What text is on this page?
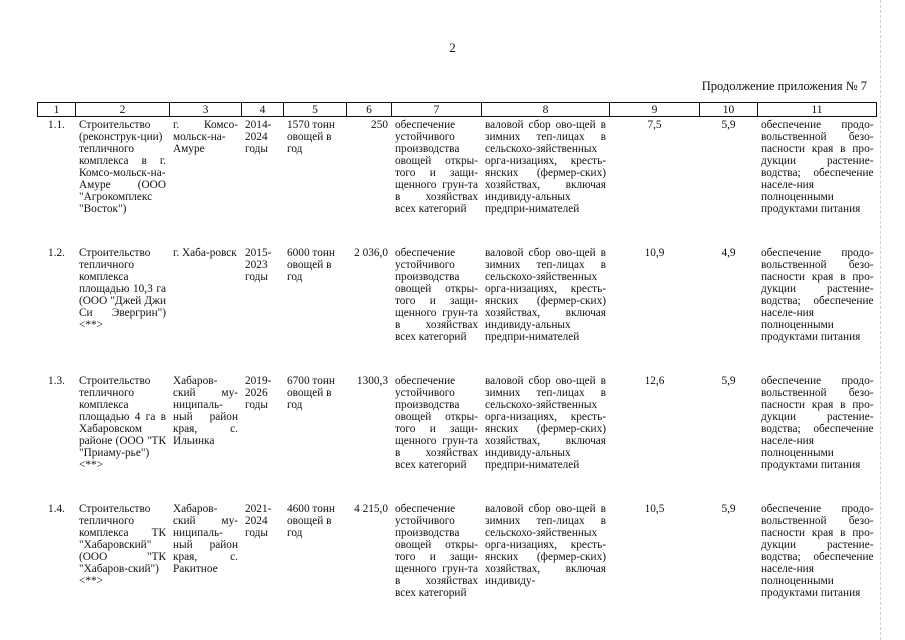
2
Продолжение приложения № 7
1	2	3	4	5	6	7	8	9	10	11
1.1.	Строительство (реконструк-ции) тепличного комплекса в г. Комсо-мольск-на-Амуре (ООО "Агрокомплекс "Восток")	г. Комсо-мольск-на-Амуре	2014-2024 годы	1570 тонн овощей в год	250	обеспечение устойчивого производства овощей откры-того и защи-щенного грун-та в хозяйствах всех категорий	валовой сбор ово-щей в зимних теп-лицах в сельскохо-зяйственных орга-низациях, кресть-янских (фермер-ских) хозяйствах, включая индивиду-альных предпри-нимателей	7,5	5,9	обеспечение продо-вольственной безо-пасности края в про-дукции растение-водства; обеспечение населе-ния полноценными продуктами питания
1.2.	Строительство тепличного комплекса площадью 10,3 га (ООО "Джей Джи Си Эвергрин") <**>	г. Хаба-ровск	2015-2023 годы	6000 тонн овощей в год	2 036,0	обеспечение устойчивого производства овощей откры-того и защи-щенного грун-та в хозяйствах всех категорий	валовой сбор ово-щей в зимних теп-лицах в сельскохо-зяйственных орга-низациях, кресть-янских (фермер-ских) хозяйствах, включая индивиду-альных предпри-нимателей	10,9	4,9	обеспечение продо-вольственной безо-пасности края в про-дукции растение-водства; обеспечение населе-ния полноценными продуктами питания
1.3.	Строительство тепличного комплекса площадью 4 га в Хабаровском районе (ООО "ТК "Приаму-рье") <**>	Хабаров-ский му-ниципаль-ный район края, с. Ильинка	2019-2026 годы	6700 тонн овощей в год	1300,3	обеспечение устойчивого производства овощей откры-того и защи-щенного грун-та в хозяйствах всех категорий	валовой сбор ово-щей в зимних теп-лицах в сельскохо-зяйственных орга-низациях, кресть-янских (фермер-ских) хозяйствах, включая индивиду-альных предпри-нимателей	12,6	5,9	обеспечение продо-вольственной безо-пасности края в про-дукции растение-водства; обеспечение населе-ния полноценными продуктами питания
1.4.	Строительство тепличного комплекса ТК "Хабаровский" (ООО "ТК "Хабаров-ский") <**>	Хабаров-ский му-ниципаль-ный район края, с. Ракитное	2021-2024 годы	4600 тонн овощей в год	4 215,0	обеспечение устойчивого производства овощей откры-того и защи-щенного грун-та в хозяйствах всех категорий	валовой сбор ово-щей в зимних теп-лицах в сельскохо-зяйственных орга-низациях, кресть-янских (фермер-ских) хозяйствах, включая индивиду-	10,5	5,9	обеспечение продо-вольственной безо-пасности края в про-дукции растение-водства; обеспечение населе-ния полноценными продуктами питания
